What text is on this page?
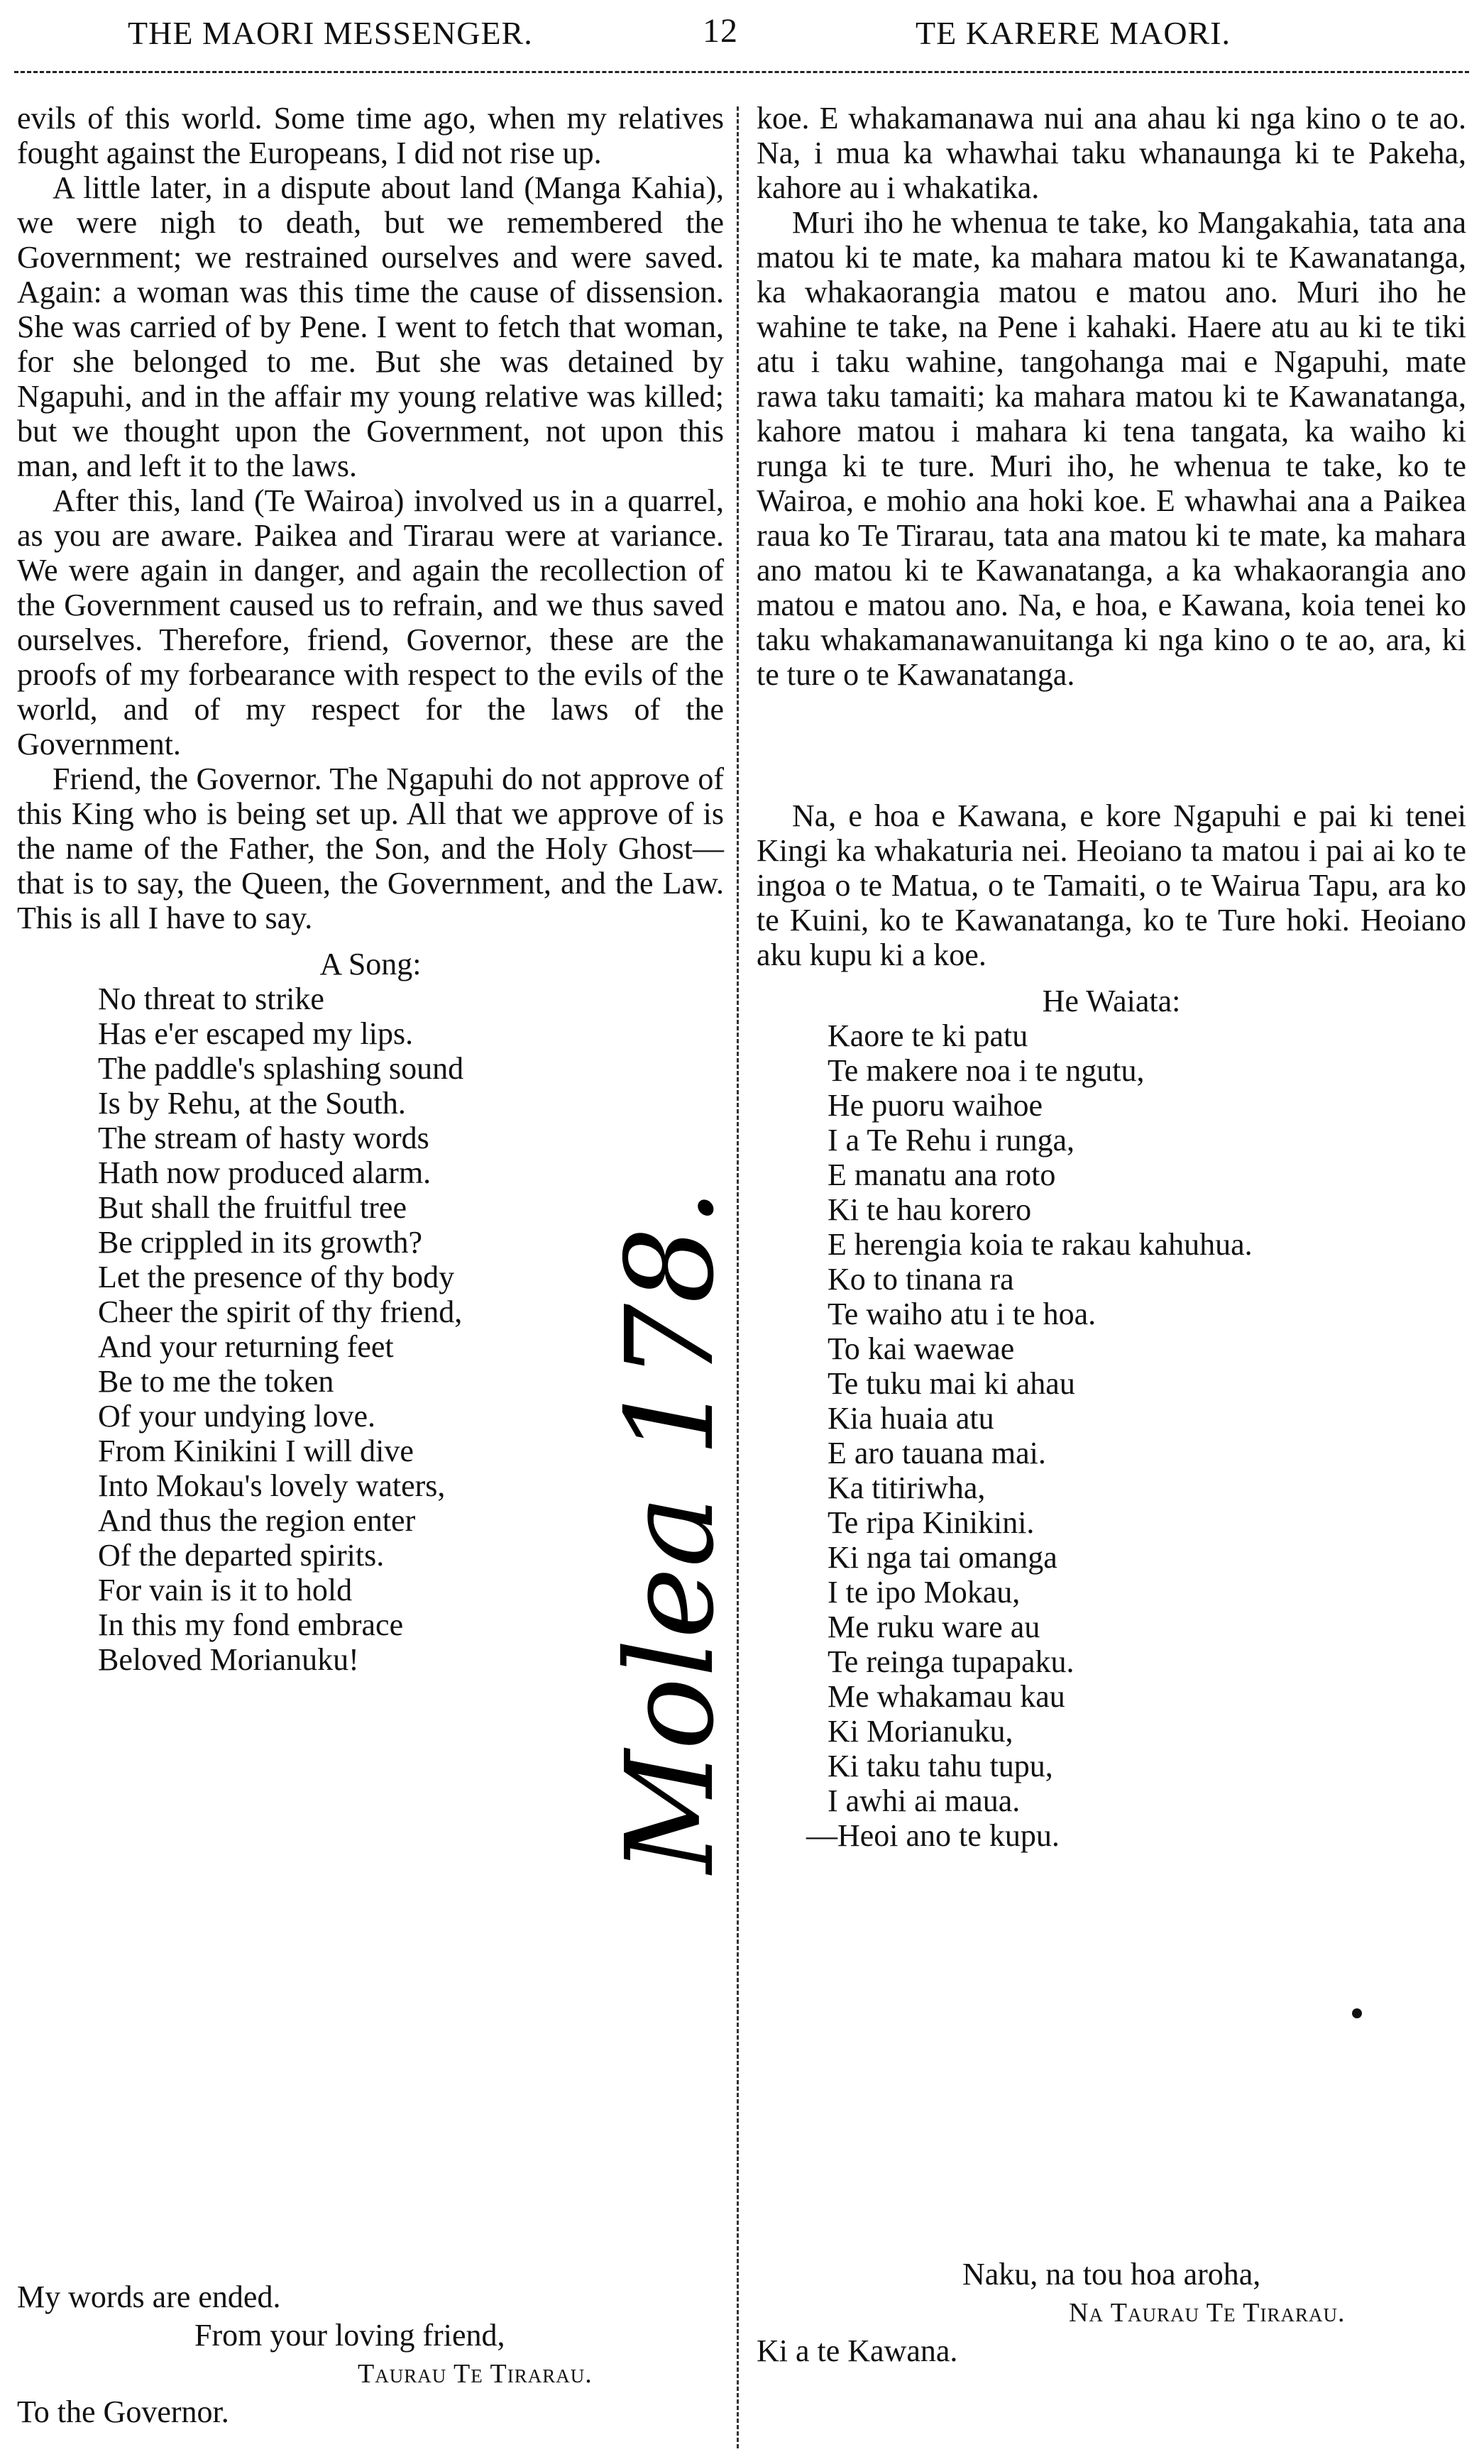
THE MAORI MESSENGER.	12	TE KARERE MAORI.

evils of this world. Some time ago, when my relatives fought against the Europeans, I did not rise up.

A little later, in a dispute about land (Manga Kahia), we were nigh to death, but we remembered the Government; we restrained ourselves and were saved. Again: a woman was this time the cause of dissension. She was carried of by Pene. I went to fetch that woman, for she belonged to me. But she was detained by Ngapuhi, and in the affair my young relative was killed; but we thought upon the Government, not upon this man, and left it to the laws.

After this, land (Te Wairoa) involved us in a quarrel, as you are aware. Paikea and Tirarau were at variance. We were again in danger, and again the recollection of the Government caused us to refrain, and we thus saved ourselves. Therefore, friend, Governor, these are the proofs of my forbearance with respect to the evils of the world, and of my respect for the laws of the Government.

Friend, the Governor. The Ngapuhi do not approve of this King who is being set up. All that we approve of is the name of the Father, the Son, and the Holy Ghost—that is to say, the Queen, the Government, and the Law. This is all I have to say.

A Song:
No threat to strike
Has e'er escaped my lips.
The paddle's splashing sound
Is by Rehu, at the South.
The stream of hasty words
Hath now produced alarm.
But shall the fruitful tree
Be crippled in its growth?
Let the presence of thy body
Cheer the spirit of thy friend,
And your returning feet
Be to me the token
Of your undying love.
From Kinikini I will dive
Into Mokau's lovely waters,
And thus the region enter
Of the departed spirits.
For vain is it to hold
In this my fond embrace
Beloved Morianuku!
My words are ended.
From your loving friend,
Taurau Te Tirarau.
To the Governor.

koe. E whakamanawa nui ana ahau ki nga kino o te ao. Na, i mua ka whawhai taku whanaunga ki te Pakeha, kahore au i whakatika.

Muri iho he whenua te take, ko Mangakahia, tata ana matou ki te mate, ka mahara matou ki te Kawanatanga, ka whakaorangia matou e matou ano. Muri iho he wahine te take, na Pene i kahaki. Haere atu au ki te tiki atu i taku wahine, tangohanga mai e Ngapuhi, mate rawa taku tamaiti; ka mahara matou ki te Kawanatanga, kahore matou i mahara ki tena tangata, ka waiho ki runga ki te ture. Muri iho, he whenua te take, ko te Wairoa, e mohio ana hoki koe. E whawhai ana a Paikea raua ko Te Tirarau, tata ana matou ki te mate, ka mahara ano matou ki te Kawanatanga, a ka whakaorangia ano matou e matou ano. Na, e hoa, e Kawana, koia tenei ko taku whakamanawanuitanga ki nga kino o te ao, ara, ki te ture o te Kawanatanga.

Na, e hoa e Kawana, e kore Ngapuhi e pai ki tenei Kingi ka whakaturia nei. Heoiano ta matou i pai ai ko te ingoa o te Matua, o te Tamaiti, o te Wairua Tapu, ara ko te Kuini, ko te Kawanatanga, ko te Ture hoki. Heoiano aku kupu ki a koe.

He Waiata:
Kaore te ki patu
Te makere noa i te ngutu,
He puoru waihoe
I a Te Rehu i runga,
E manatu ana roto
Ki te hau korero
E herengia koia te rakau kahuhua.
Ko to tinana ra
Te waiho atu i te hoa.
To kai waewae
Te tuku mai ki ahau
Kia huaia atu
E aro tauana mai.
Ka titiriwha,
Te ripa Kinikini.
Ki nga tai omanga
I te ipo Mokau,
Me ruku ware au
Te reinga tupapaku.
Me whakamau kau
Ki Morianuku,
Ki taku tahu tupu,
I awhi ai maua.
—Heoi ano te kupu.
Naku, na tou hoa aroha,
Na Taurau Te Tirarau.
Ki a te Kawana.
Molea 178.
